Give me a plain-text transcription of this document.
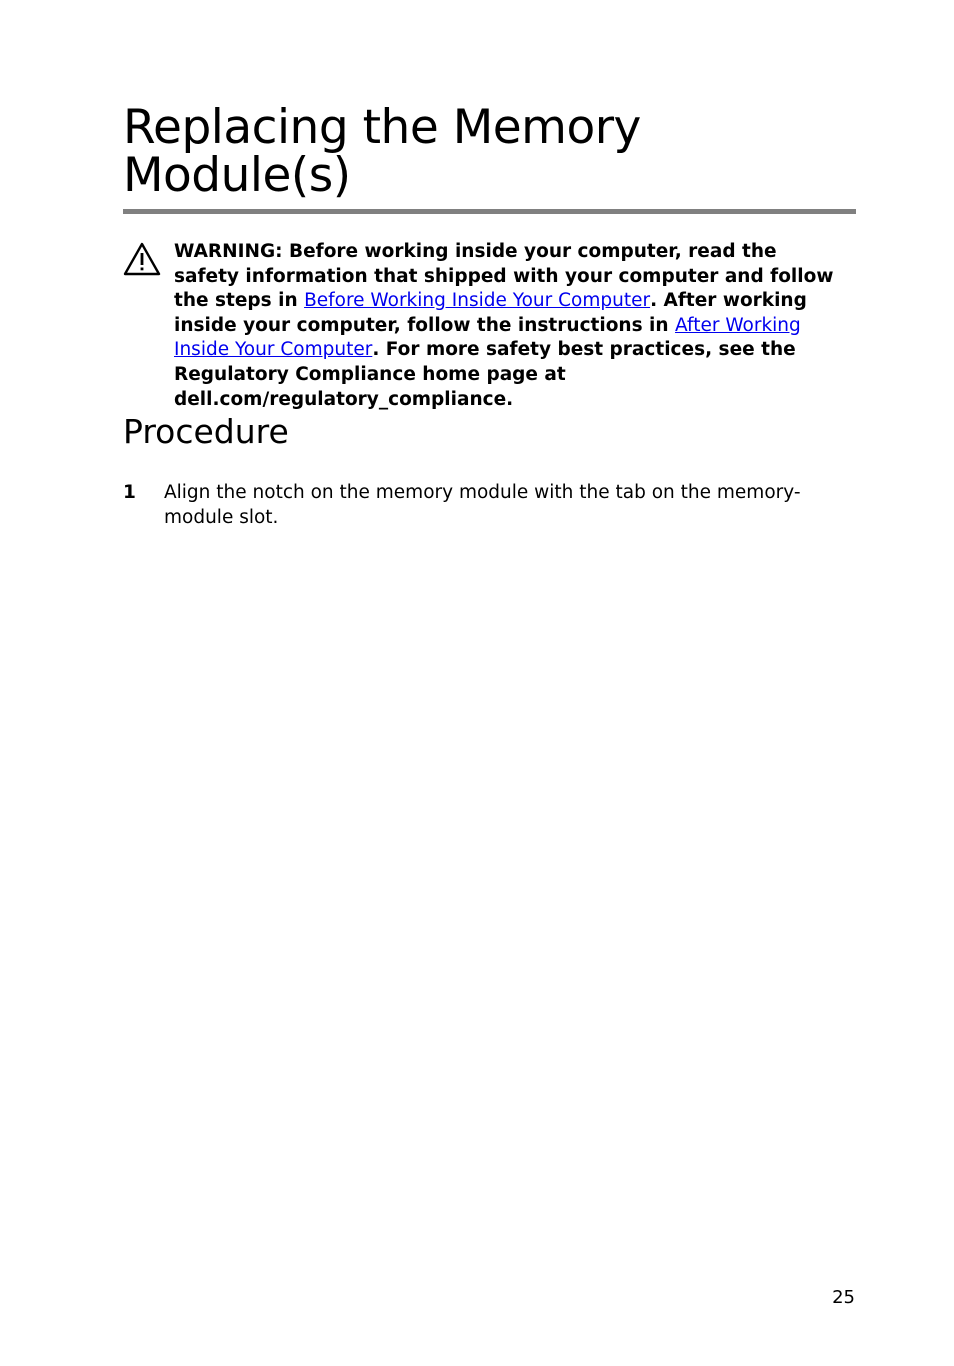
Replacing the Memory Module(s)

WARNING: Before working inside your computer, read the safety information that shipped with your computer and follow the steps in Before Working Inside Your Computer. After working inside your computer, follow the instructions in After Working Inside Your Computer. For more safety best practices, see the Regulatory Compliance home page at dell.com/regulatory_compliance.

Procedure
1	Align the notch on the memory module with the tab on the memory-module slot.
25
